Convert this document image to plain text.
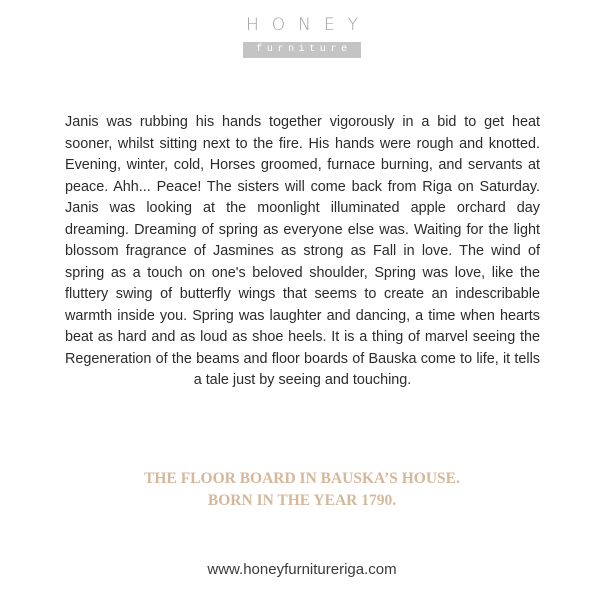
HONEY
furniture

Janis was rubbing his hands together vigorously in a bid to get heat sooner, whilst sitting next to the fire. His hands were rough and knotted. Evening, winter, cold, Horses groomed, furnace burning, and servants at peace. Ahh... Peace! The sisters will come back from Riga on Saturday. Janis was looking at the moonlight illuminated apple orchard day dreaming. Dreaming of spring as everyone else was. Waiting for the light blossom fragrance of Jasmines as strong as Fall in love. The wind of spring as a touch on one's beloved shoulder, Spring was love, like the fluttery swing of butterfly wings that seems to create an indescribable warmth inside you. Spring was laughter and dancing, a time when hearts beat as hard and as loud as shoe heels. It is a thing of marvel seeing the Regeneration of the beams and floor boards of Bauska come to life, it tells a tale just by seeing and touching.

THE FLOOR BOARD IN BAUSKA’S HOUSE.
BORN IN THE YEAR 1790.
www.honeyfurnitureriga.com
